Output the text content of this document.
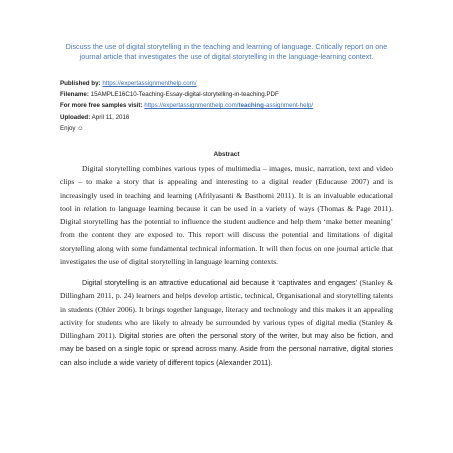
Discuss the use of digital storytelling in the teaching and learning of language. Critically report on one journal article that investigates the use of digital storytelling in the language-learning context.
Published by: https://expertassignmenthelp.com/
Filename: 15AMPLE16C10-Teaching-Essay-digital-storytelling-in-teaching.PDF
For more free samples visit: https://expertassignmenthelp.com/teaching-assignment-help/
Uploaded: April 11, 2016
Enjoy ☺
Abstract
Digital storytelling combines various types of multimedia – images, music, narration, text and video clips – to make a story that is appealing and interesting to a digital reader (Educause 2007) and is increasingly used in teaching and learning (Afrilyasanti & Basthomi 2011). It is an invaluable educational tool in relation to language learning because it can be used in a variety of ways (Thomas & Page 2011). Digital storytelling has the potential to influence the student audience and help them ‘make better meaning’ from the content they are exposed to. This report will discuss the potential and limitations of digital storytelling along with some fundamental technical information. It will then focus on one journal article that investigates the use of digital storytelling in language learning contexts.
Digital storytelling is an attractive educational aid because it ‘captivates and engages’ (Stanley & Dillingham 2011, p. 24) learners and helps develop artistic, technical, Organisational and storytelling talents in students (Ohler 2006). It brings together language, literacy and technology and this makes it an appealing activity for students who are likely to already be surrounded by various types of digital media (Stanley & Dillingham 2011). Digital stories are often the personal story of the writer, but may also be fiction, and may be based on a single topic or spread across many. Aside from the personal narrative, digital stories can also include a wide variety of different topics (Alexander 2011).
